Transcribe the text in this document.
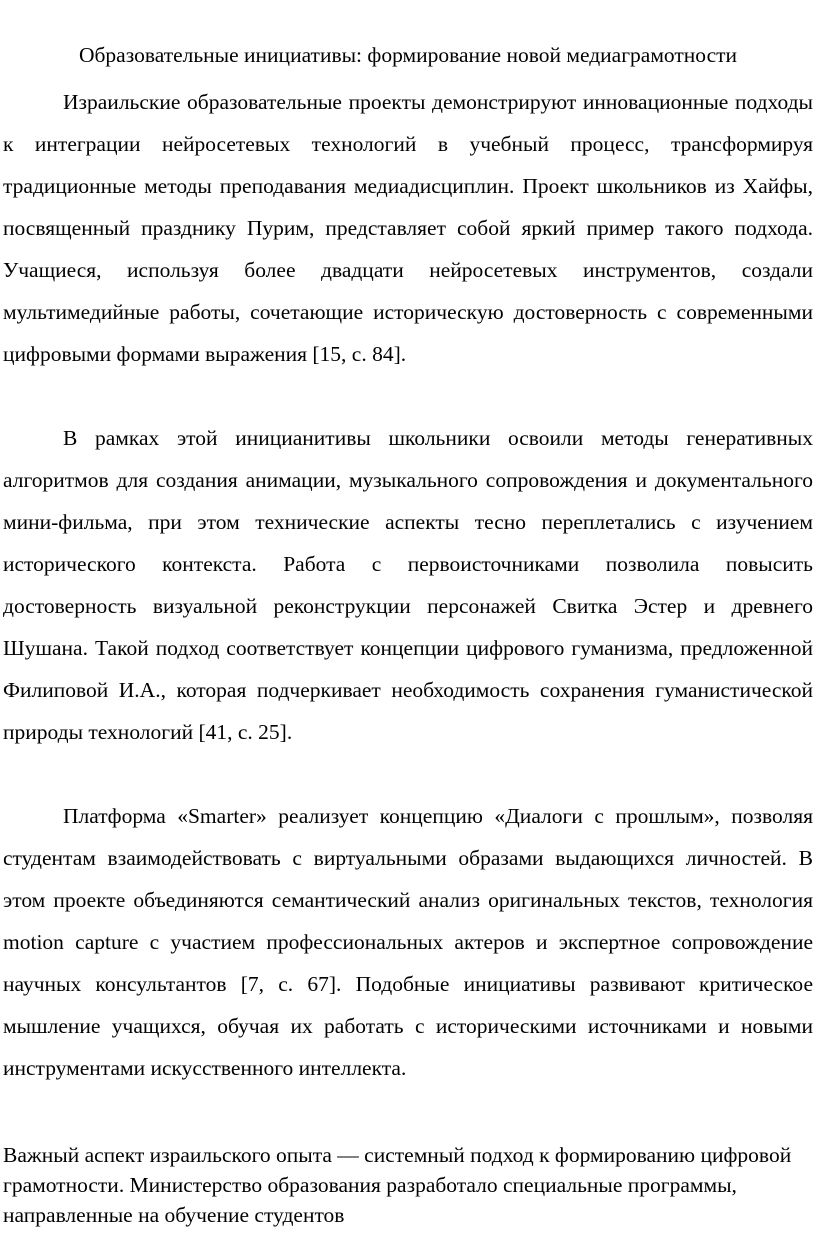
Образовательные инициативы: формирование новой медиаграмотности

Израильские образовательные проекты демонстрируют инновационные подходы к интеграции нейросетевых технологий в учебный процесс, трансформируя традиционные методы преподавания медиадисциплин. Проект школьников из Хайфы, посвященный празднику Пурим, представляет собой яркий пример такого подхода. Учащиеся, используя более двадцати нейросетевых инструментов, создали мультимедийные работы, сочетающие историческую достоверность с современными цифровыми формами выражения [15, с. 84].

В рамках этой иницианитивы школьники освоили методы генеративных алгоритмов для создания анимации, музыкального сопровождения и документального мини-фильма, при этом технические аспекты тесно переплетались с изучением исторического контекста. Работа с первоисточниками позволила повысить достоверность визуальной реконструкции персонажей Свитка Эстер и древнего Шушана. Такой подход соответствует концепции цифрового гуманизма, предложенной Филиповой И.А., которая подчеркивает необходимость сохранения гуманистической природы технологий [41, с. 25].

Платформа «Smarter» реализует концепцию «Диалоги с прошлым», позволяя студентам взаимодействовать с виртуальными образами выдающихся личностей. В этом проекте объединяются семантический анализ оригинальных текстов, технология motion capture с участием профессиональных актеров и экспертное сопровождение научных консультантов [7, с. 67]. Подобные инициативы развивают критическое мышление учащихся, обучая их работать с историческими источниками и новыми инструментами искусственного интеллекта.

Важный аспект израильского опыта — системный подход к формированию цифровой грамотности. Министерство образования разработало специальные программы, направленные на обучение студентов
